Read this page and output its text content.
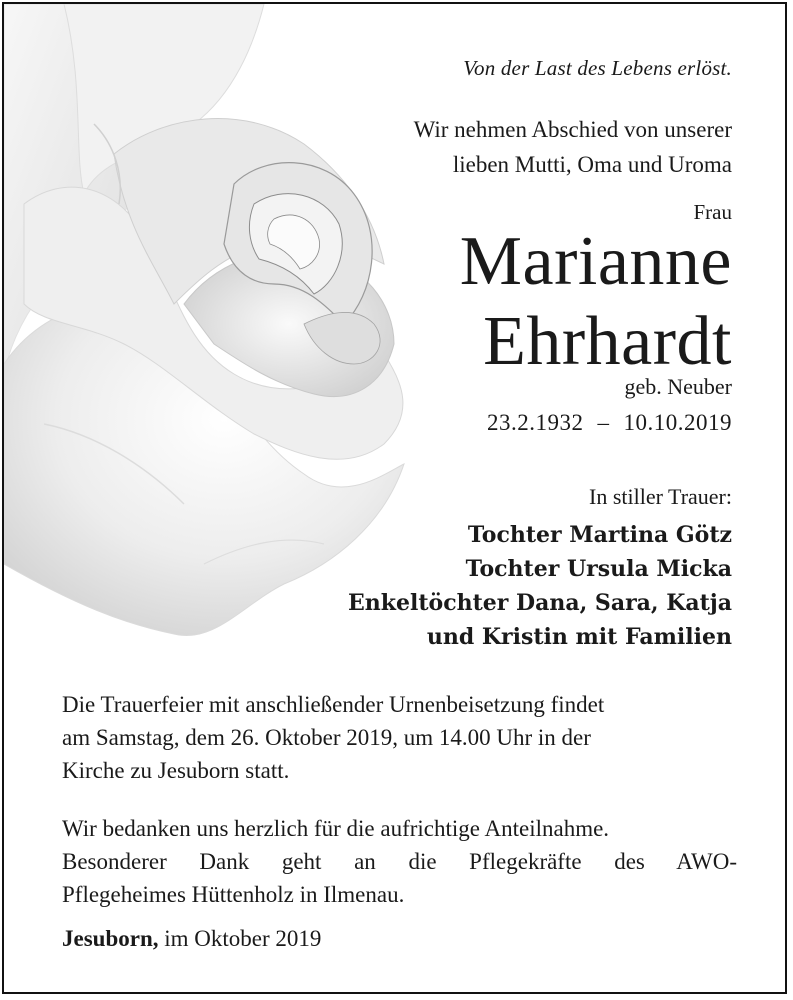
Von der Last des Lebens erlöst.
Wir nehmen Abschied von unserer
lieben Mutti, Oma und Uroma
Frau
Marianne
Ehrhardt
geb. Neuber
23.2.1932 – 10.10.2019
In stiller Trauer:
Tochter Martina Götz
Tochter Ursula Micka
Enkeltöchter Dana, Sara, Katja
und Kristin mit Familien
Die Trauerfeier mit anschließender Urnenbeisetzung findet
am Samstag, dem 26. Oktober 2019, um 14.00 Uhr in der
Kirche zu Jesuborn statt.
Wir bedanken uns herzlich für die aufrichtige Anteilnahme.
Besonderer Dank geht an die Pflegekräfte des AWO-
Pflegeheimes Hüttenholz in Ilmenau.
Jesuborn, im Oktober 2019
